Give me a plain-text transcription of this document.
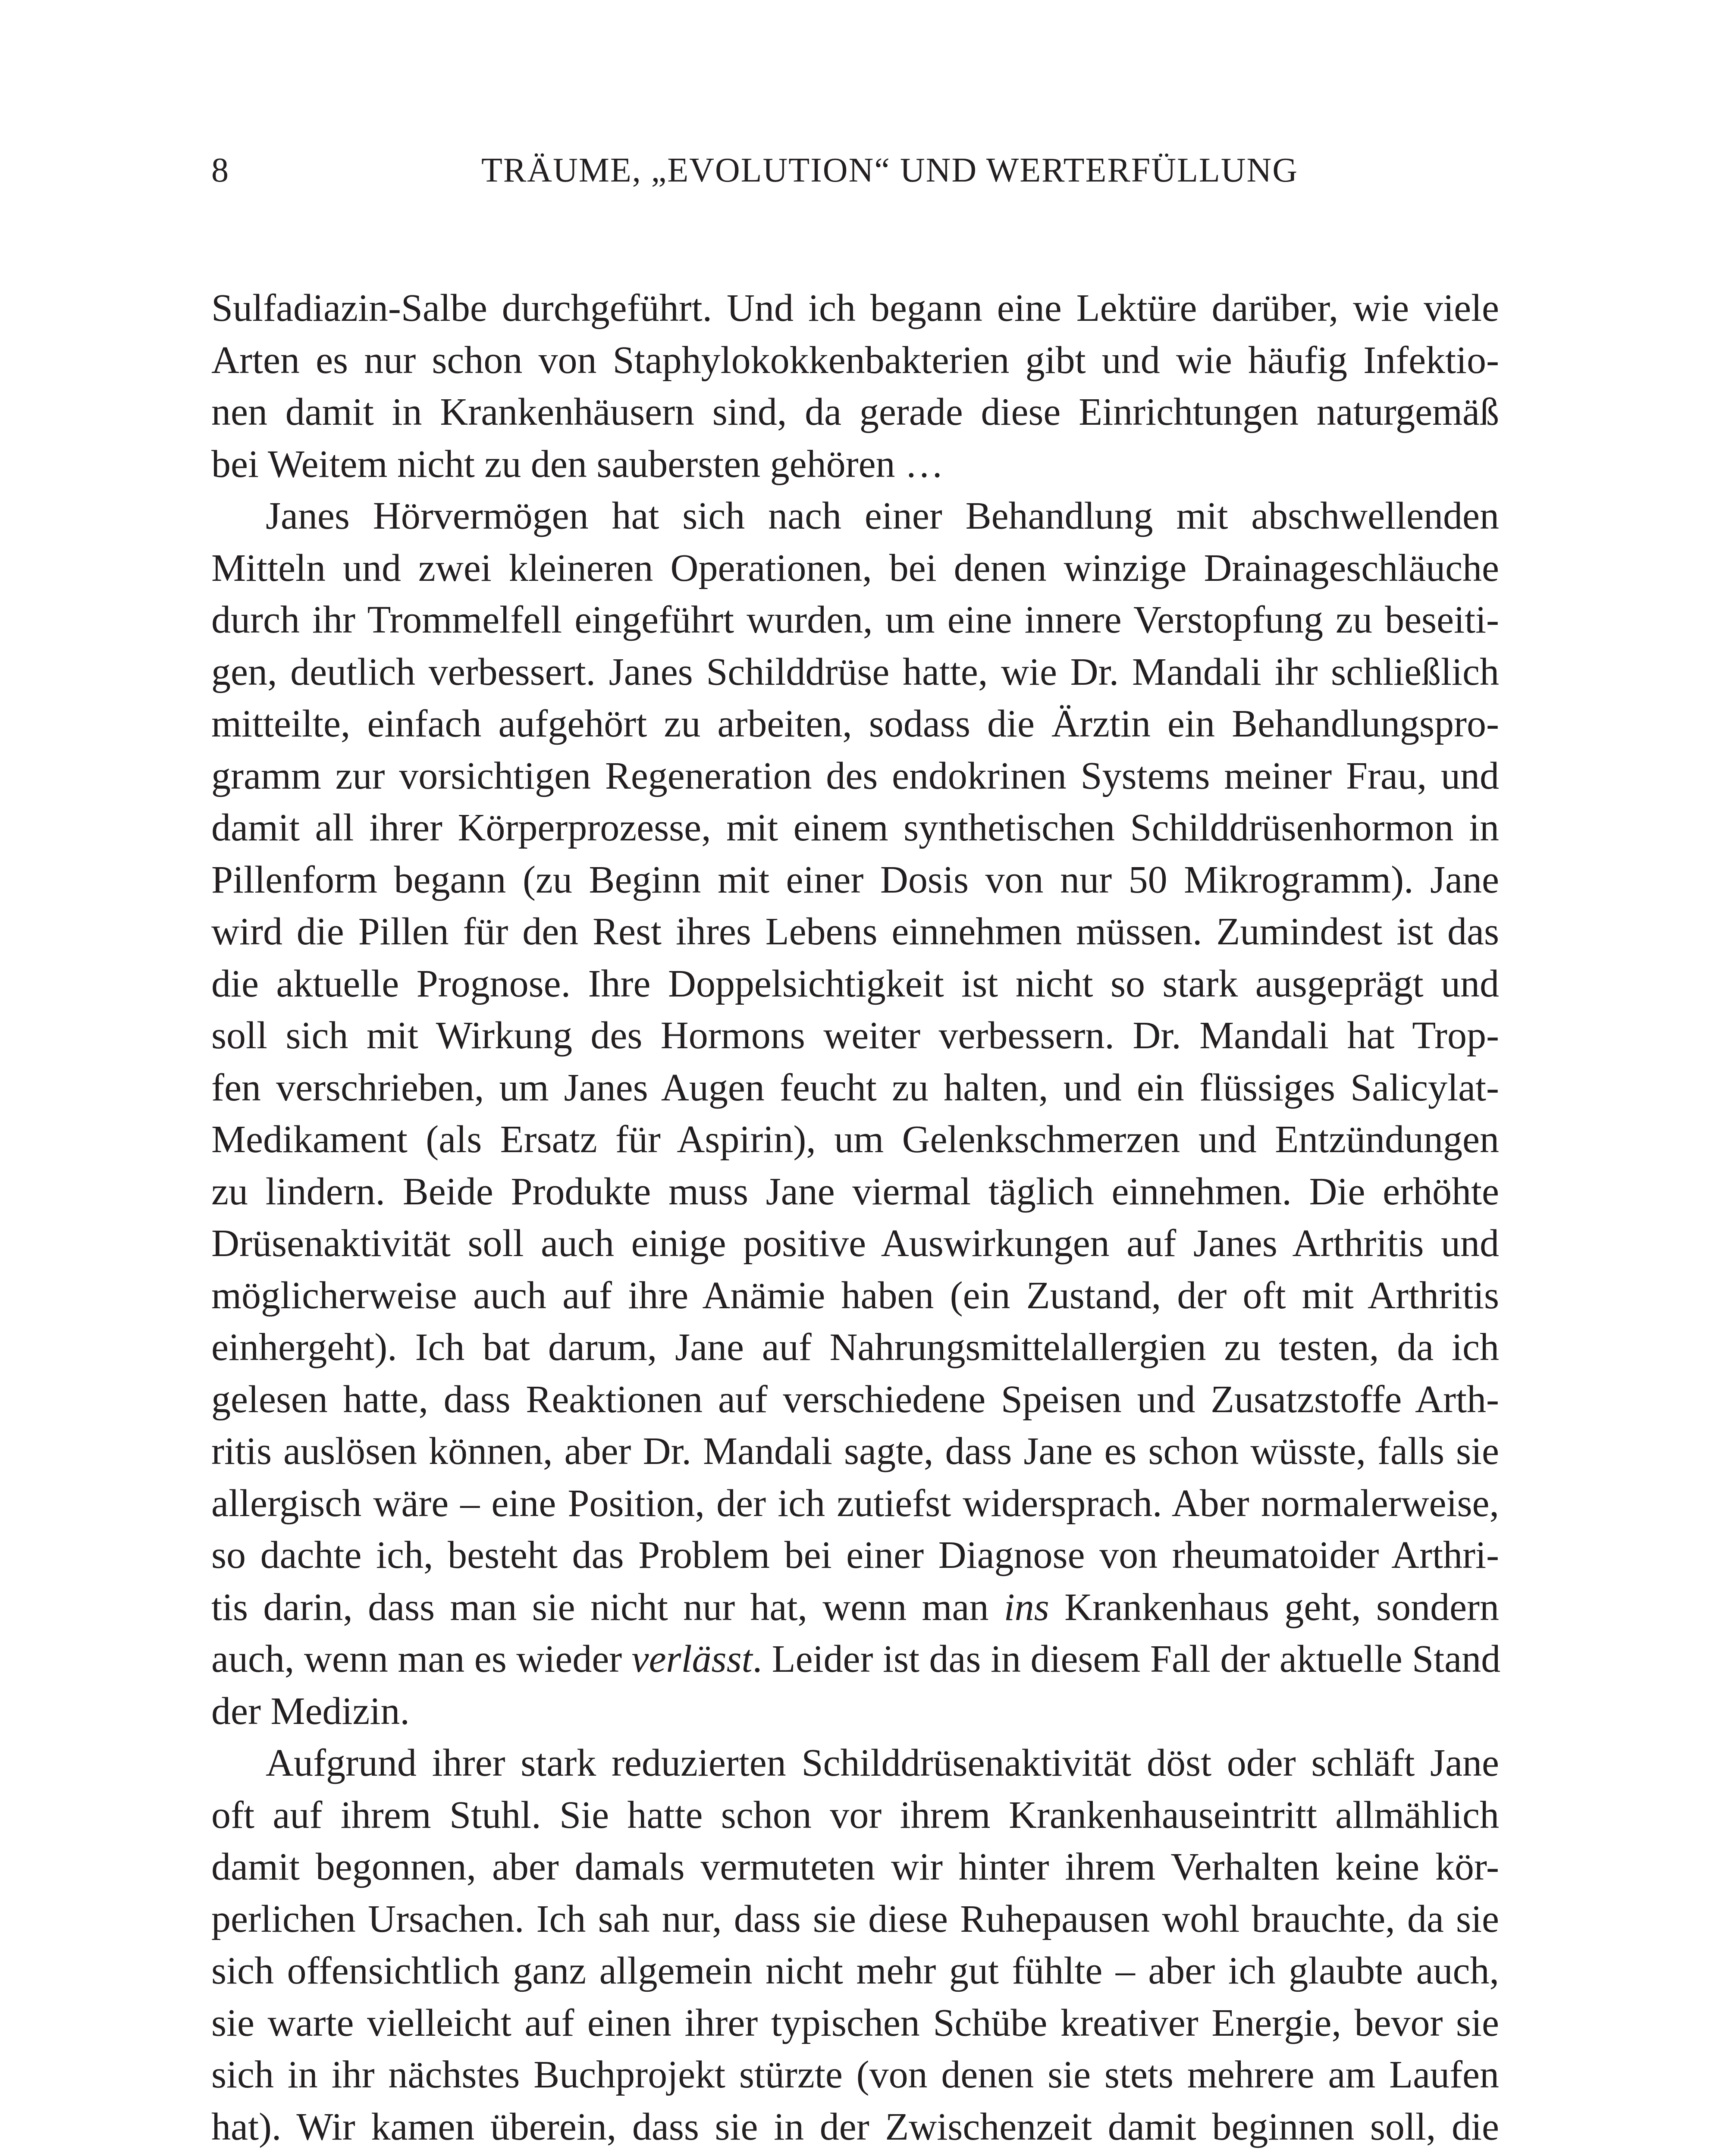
8	TRÄUME, „EVOLUTION“ UND WERTERFÜLLUNG
Sulfadiazin-Salbe durchgeführt. Und ich begann eine Lektüre darüber, wie viele
Arten es nur schon von Staphylokokkenbakterien gibt und wie häufig Infektio-
nen damit in Krankenhäusern sind, da gerade diese Einrichtungen naturgemäß
bei Weitem nicht zu den saubersten gehören …
Janes Hörvermögen hat sich nach einer Behandlung mit abschwellenden
Mitteln und zwei kleineren Operationen, bei denen winzige Drainageschläuche
durch ihr Trommelfell eingeführt wurden, um eine innere Verstopfung zu beseiti-
gen, deutlich verbessert. Janes Schilddrüse hatte, wie Dr. Mandali ihr schließlich
mitteilte, einfach aufgehört zu arbeiten, sodass die Ärztin ein Behandlungspro-
gramm zur vorsichtigen Regeneration des endokrinen Systems meiner Frau, und
damit all ihrer Körperprozesse, mit einem synthetischen Schilddrüsenhormon in
Pillenform begann (zu Beginn mit einer Dosis von nur 50 Mikrogramm). Jane
wird die Pillen für den Rest ihres Lebens einnehmen müssen. Zumindest ist das
die aktuelle Prognose. Ihre Doppelsichtigkeit ist nicht so stark ausgeprägt und
soll sich mit Wirkung des Hormons weiter verbessern. Dr. Mandali hat Trop-
fen verschrieben, um Janes Augen feucht zu halten, und ein flüssiges Salicylat-
Medikament (als Ersatz für Aspirin), um Gelenkschmerzen und Entzündungen
zu lindern. Beide Produkte muss Jane viermal täglich einnehmen. Die erhöhte
Drüsenaktivität soll auch einige positive Auswirkungen auf Janes Arthritis und
möglicherweise auch auf ihre Anämie haben (ein Zustand, der oft mit Arthritis
einhergeht). Ich bat darum, Jane auf Nahrungsmittelallergien zu testen, da ich
gelesen hatte, dass Reaktionen auf verschiedene Speisen und Zusatzstoffe Arth-
ritis auslösen können, aber Dr. Mandali sagte, dass Jane es schon wüsste, falls sie
allergisch wäre – eine Position, der ich zutiefst widersprach. Aber normalerweise,
so dachte ich, besteht das Problem bei einer Diagnose von rheumatoider Arthri-
tis darin, dass man sie nicht nur hat, wenn man ins Krankenhaus geht, sondern
auch, wenn man es wieder verlässt. Leider ist das in diesem Fall der aktuelle Stand
der Medizin.
Aufgrund ihrer stark reduzierten Schilddrüsenaktivität döst oder schläft Jane
oft auf ihrem Stuhl. Sie hatte schon vor ihrem Krankenhauseintritt allmählich
damit begonnen, aber damals vermuteten wir hinter ihrem Verhalten keine kör-
perlichen Ursachen. Ich sah nur, dass sie diese Ruhepausen wohl brauchte, da sie
sich offensichtlich ganz allgemein nicht mehr gut fühlte – aber ich glaubte auch,
sie warte vielleicht auf einen ihrer typischen Schübe kreativer Energie, bevor sie
sich in ihr nächstes Buchprojekt stürzte (von denen sie stets mehrere am Laufen
hat). Wir kamen überein, dass sie in der Zwischenzeit damit beginnen soll, die
